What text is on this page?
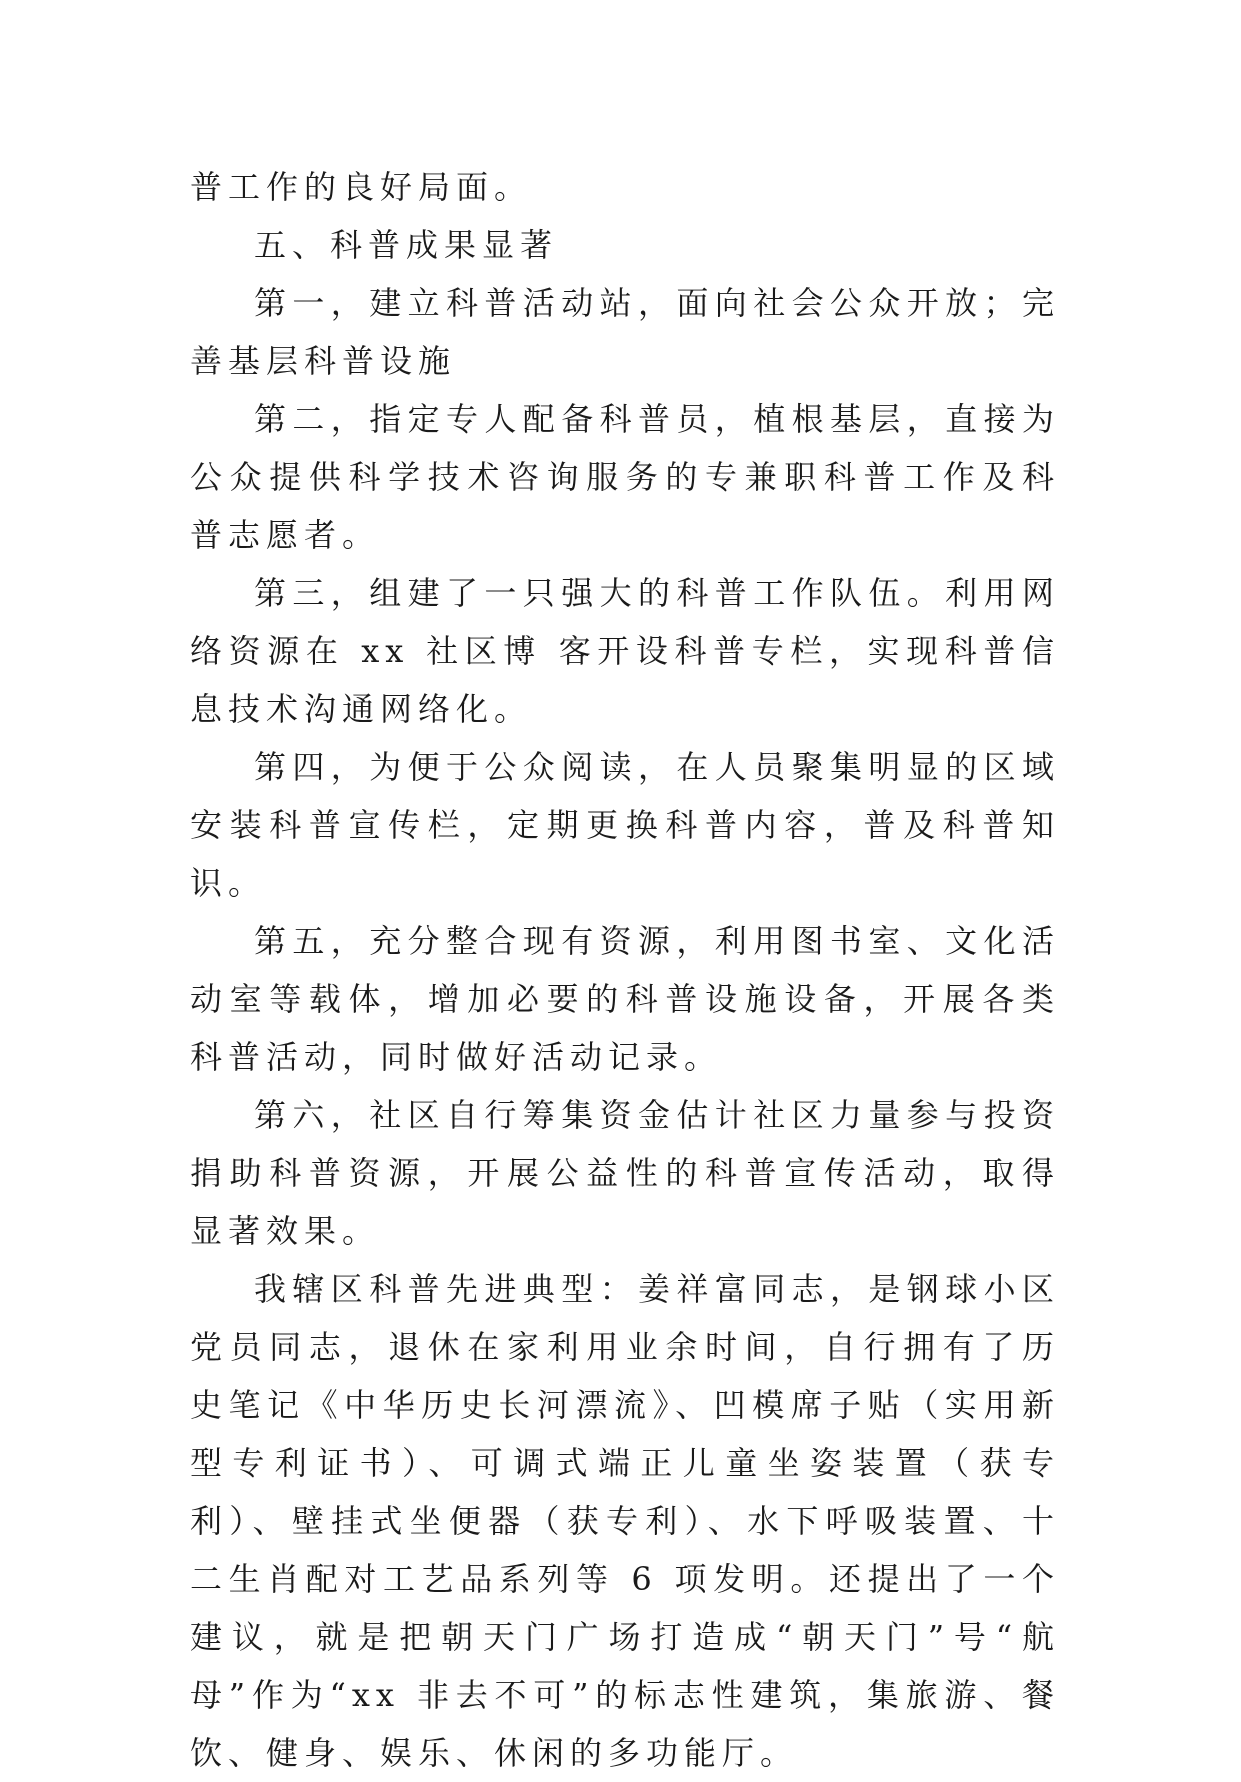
普工作的良好局面。

五、科普成果显著

第一，建立科普活动站，面向社会公众开放；完善基层科普设施

第二，指定专人配备科普员，植根基层，直接为公众提供科学技术咨询服务的专兼职科普工作及科普志愿者。

第三，组建了一只强大的科普工作队伍。利用网络资源在 xx 社区博 客开设科普专栏，实现科普信息技术沟通网络化。

第四，为便于公众阅读，在人员聚集明显的区域安装科普宣传栏，定期更换科普内容，普及科普知识。

第五，充分整合现有资源，利用图书室、文化活动室等载体，增加必要的科普设施设备，开展各类科普活动，同时做好活动记录。

第六，社区自行筹集资金估计社区力量参与投资捐助科普资源，开展公益性的科普宣传活动，取得显著效果。

我辖区科普先进典型：姜祥富同志，是钢球小区党员同志，退休在家利用业余时间，自行拥有了历史笔记《中华历史长河漂流》、凹模席子贴（实用新型专利证书）、可调式端正儿童坐姿装置（获专利）、壁挂式坐便器（获专利）、水下呼吸装置、十二生肖配对工艺品系列等 6 项发明。还提出了一个建议，就是把朝天门广场打造成“朝天门”号“航母”作为“xx 非去不可”的标志性建筑，集旅游、餐饮、健身、娱乐、休闲的多功能厅。
